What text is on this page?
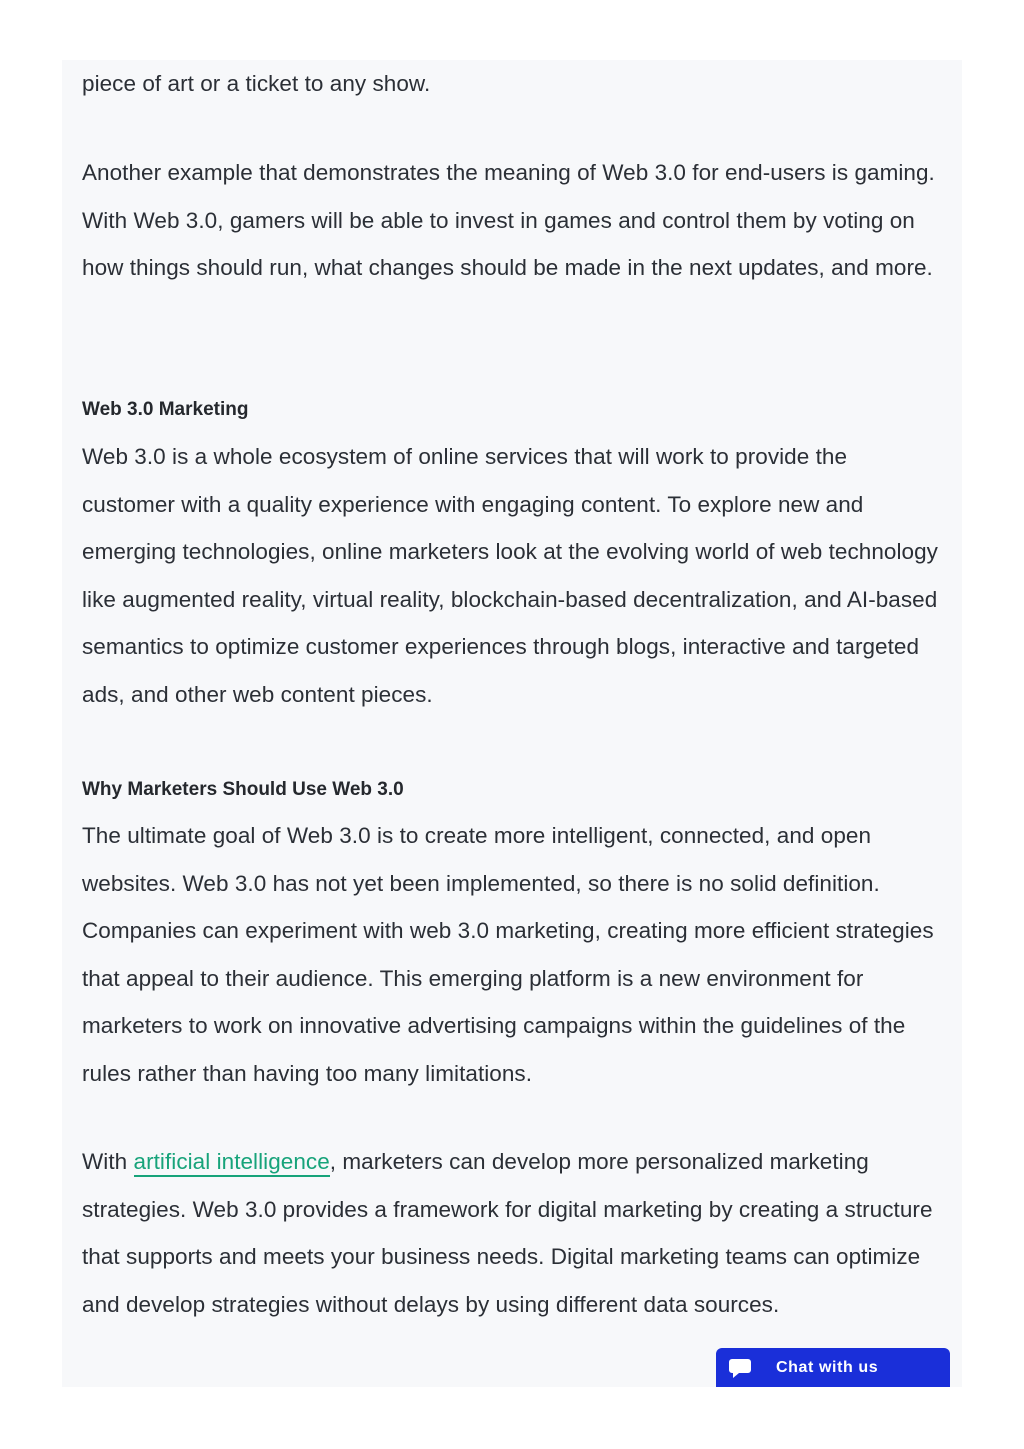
piece of art or a ticket to any show.

Another example that demonstrates the meaning of Web 3.0 for end-users is gaming. With Web 3.0, gamers will be able to invest in games and control them by voting on how things should run, what changes should be made in the next updates, and more.

Web 3.0 Marketing

Web 3.0 is a whole ecosystem of online services that will work to provide the customer with a quality experience with engaging content. To explore new and emerging technologies, online marketers look at the evolving world of web technology like augmented reality, virtual reality, blockchain-based decentralization, and AI-based semantics to optimize customer experiences through blogs, interactive and targeted ads, and other web content pieces.

Why Marketers Should Use Web 3.0

The ultimate goal of Web 3.0 is to create more intelligent, connected, and open websites. Web 3.0 has not yet been implemented, so there is no solid definition. Companies can experiment with web 3.0 marketing, creating more efficient strategies that appeal to their audience. This emerging platform is a new environment for marketers to work on innovative advertising campaigns within the guidelines of the rules rather than having too many limitations.

With artificial intelligence, marketers can develop more personalized marketing strategies. Web 3.0 provides a framework for digital marketing by creating a structure that supports and meets your business needs. Digital marketing teams can optimize and develop strategies without delays by using different data sources.

Chat with us
